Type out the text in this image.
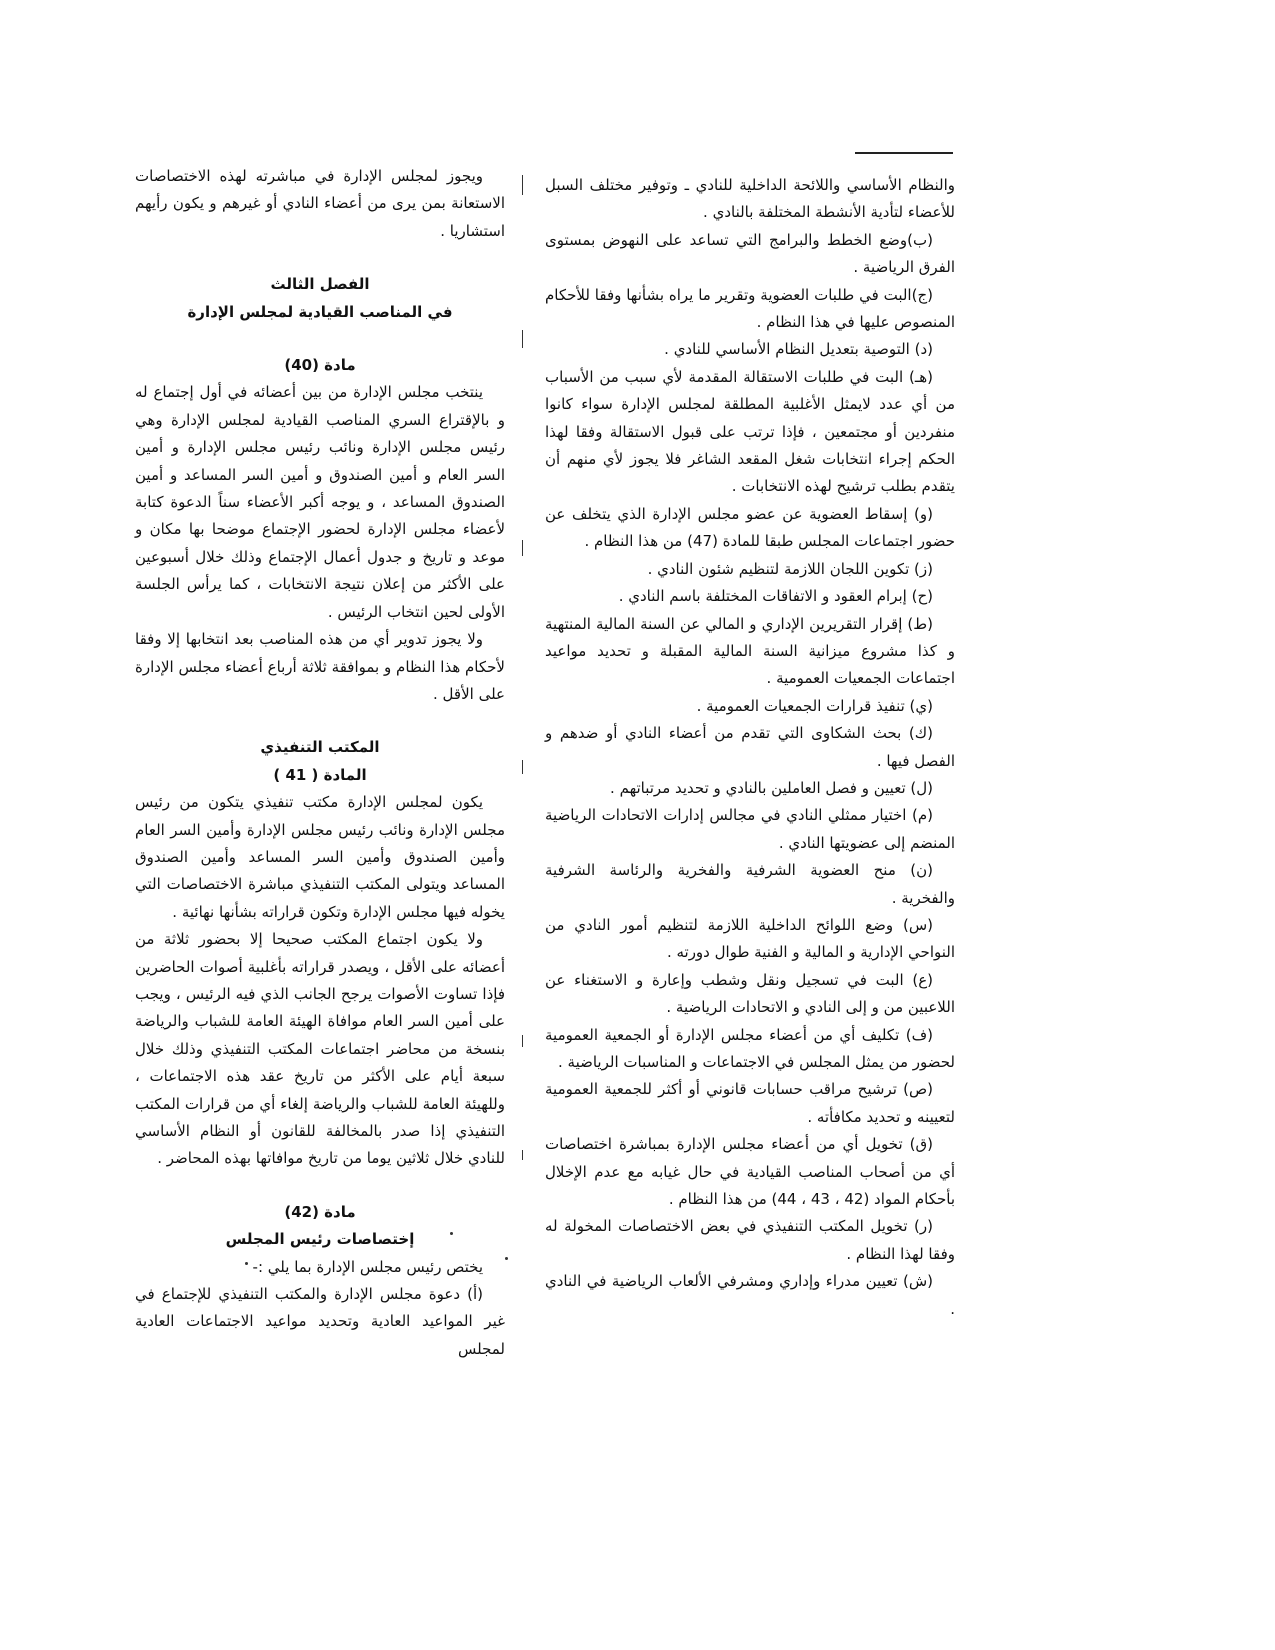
والنظام الأساسي واللائحة الداخلية للنادي ـ وتوفير مختلف السبل للأعضاء لتأدية الأنشطة المختلفة بالنادي .

(ب)وضع الخطط والبرامج التي تساعد على النهوض بمستوى الفرق الرياضية .

(ج)البت في طلبات العضوية وتقرير ما يراه بشأنها وفقا للأحكام المنصوص عليها في هذا النظام .

(د) التوصية بتعديل النظام الأساسي للنادي .

(هـ) البت في طلبات الاستقالة المقدمة لأي سبب من الأسباب من أي عدد لايمثل الأغلبية المطلقة لمجلس الإدارة سواء كانوا منفردين أو مجتمعين ، فإذا ترتب على قبول الاستقالة وفقا لهذا الحكم إجراء انتخابات شغل المقعد الشاغر فلا يجوز لأي منهم أن يتقدم بطلب ترشيح لهذه الانتخابات .

(و) إسقاط العضوية عن عضو مجلس الإدارة الذي يتخلف عن حضور اجتماعات المجلس طبقا للمادة (47) من هذا النظام .

(ز) تكوين اللجان اللازمة لتنظيم شئون النادي .

(ح) إبرام العقود و الاتفاقات المختلفة باسم النادي .

(ط) إقرار التقريرين الإداري و المالي عن السنة المالية المنتهية و كذا مشروع ميزانية السنة المالية المقبلة و تحديد مواعيد اجتماعات الجمعيات العمومية .

(ي) تنفيذ قرارات الجمعيات العمومية .

(ك) بحث الشكاوى التي تقدم من أعضاء النادي أو ضدهم و الفصل فيها .

(ل) تعيين و فصل العاملين بالنادي و تحديد مرتباتهم .

(م) اختيار ممثلي النادي في مجالس إدارات الاتحادات الرياضية المنضم إلى عضويتها النادي .

(ن) منح العضوية الشرفية والفخرية والرئاسة الشرفية والفخرية .

(س) وضع اللوائح الداخلية اللازمة لتنظيم أمور النادي من النواحي الإدارية و المالية و الفنية طوال دورته .

(ع) البت في تسجيل ونقل وشطب وإعارة و الاستغناء عن اللاعبين من و إلى النادي و الاتحادات الرياضية .

(ف) تكليف أي من أعضاء مجلس الإدارة أو الجمعية العمومية لحضور من يمثل المجلس في الاجتماعات و المناسبات الرياضية .

(ص) ترشيح مراقب حسابات قانوني أو أكثر للجمعية العمومية لتعيينه و تحديد مكافأته .

(ق) تخويل أي من أعضاء مجلس الإدارة بمباشرة اختصاصات أي من أصحاب المناصب القيادية في حال غيابه مع عدم الإخلال بأحكام المواد (42 ، 43 ، 44) من هذا النظام .

(ر) تخويل المكتب التنفيذي في بعض الاختصاصات المخولة له وفقا لهذا النظام .

(ش) تعيين مدراء وإداري ومشرفي الألعاب الرياضية في النادي .

ويجوز لمجلس الإدارة في مباشرته لهذه الاختصاصات الاستعانة بمن يرى من أعضاء النادي أو غيرهم و يكون رأيهم استشاريا .

الفصل الثالث

في المناصب القيادية لمجلس الإدارة

مادة (40)

ينتخب مجلس الإدارة من بين أعضائه في أول إجتماع له و بالإقتراع السري المناصب القيادية لمجلس الإدارة وهي رئيس مجلس الإدارة ونائب رئيس مجلس الإدارة و أمين السر العام و أمين الصندوق و أمين السر المساعد و أمين الصندوق المساعد ، و يوجه أكبر الأعضاء سناً الدعوة كتابة لأعضاء مجلس الإدارة لحضور الإجتماع موضحا بها مكان و موعد و تاريخ و جدول أعمال الإجتماع وذلك خلال أسبوعين على الأكثر من إعلان نتيجة الانتخابات ، كما يرأس الجلسة الأولى لحين انتخاب الرئيس .

ولا يجوز تدوير أي من هذه المناصب بعد انتخابها إلا وفقا لأحكام هذا النظام و بموافقة ثلاثة أرباع أعضاء مجلس الإدارة على الأقل .

المكتب التنفيذي

المادة ( 41 )

يكون لمجلس الإدارة مكتب تنفيذي يتكون من رئيس مجلس الإدارة ونائب رئيس مجلس الإدارة وأمين السر العام وأمين الصندوق وأمين السر المساعد وأمين الصندوق المساعد ويتولى المكتب التنفيذي مباشرة الاختصاصات التي يخوله فيها مجلس الإدارة وتكون قراراته بشأنها نهائية .

ولا يكون اجتماع المكتب صحيحا إلا بحضور ثلاثة من أعضائه على الأقل ، ويصدر قراراته بأغلبية أصوات الحاضرين فإذا تساوت الأصوات يرجح الجانب الذي فيه الرئيس ، ويجب على أمين السر العام موافاة الهيئة العامة للشباب والرياضة بنسخة من محاضر اجتماعات المكتب التنفيذي وذلك خلال سبعة أيام على الأكثر من تاريخ عقد هذه الاجتماعات ، وللهيئة العامة للشباب والرياضة إلغاء أي من قرارات المكتب التنفيذي إذا صدر بالمخالفة للقانون أو النظام الأساسي للنادي خلال ثلاثين يوما من تاريخ موافاتها بهذه المحاضر .

مادة (42)

إختصاصات رئيس المجلس

يختص رئيس مجلس الإدارة بما يلي :-

(أ) دعوة مجلس الإدارة والمكتب التنفيذي للإجتماع في غير المواعيد العادية وتحديد مواعيد الاجتماعات العادية لمجلس
